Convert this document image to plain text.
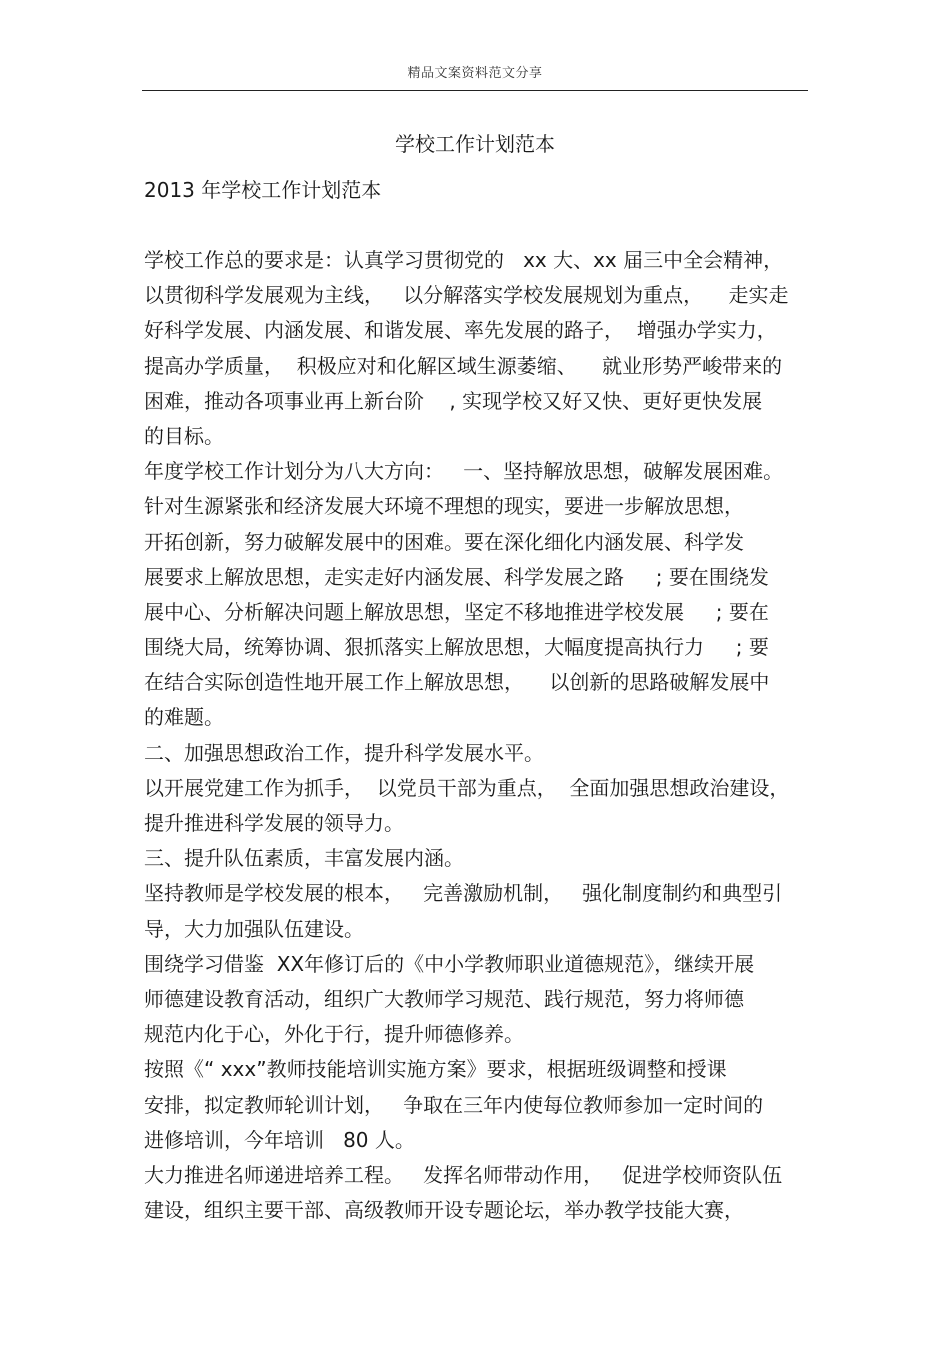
精品文案资料范文分享
学校工作计划范本
2013 年学校工作计划范本
学校工作总的要求是：认真学习贯彻党的   xx 大、xx 届三中全会精神，
以贯彻科学发展观为主线，   以分解落实学校发展规划为重点，    走实走
好科学发展、内涵发展、和谐发展、率先发展的路子，  增强办学实力，
提高办学质量，  积极应对和化解区域生源萎缩、    就业形势严峻带来的
困难，推动各项事业再上新台阶    , 实现学校又好又快、更好更快发展
的目标。
年度学校工作计划分为八大方向：   一、坚持解放思想，破解发展困难。
针对生源紧张和经济发展大环境不理想的现实，要进一步解放思想，
开拓创新，努力破解发展中的困难。要在深化细化内涵发展、科学发
展要求上解放思想，走实走好内涵发展、科学发展之路     ; 要在围绕发
展中心、分析解决问题上解放思想，坚定不移地推进学校发展     ; 要在
围绕大局，统筹协调、狠抓落实上解放思想，大幅度提高执行力     ; 要
在结合实际创造性地开展工作上解放思想，    以创新的思路破解发展中
的难题。
二、加强思想政治工作，提升科学发展水平。
以开展党建工作为抓手，  以党员干部为重点，  全面加强思想政治建设，
提升推进科学发展的领导力。
三、提升队伍素质，丰富发展内涵。
坚持教师是学校发展的根本，   完善激励机制，   强化制度制约和典型引
导，大力加强队伍建设。
围绕学习借鉴  XX年修订后的《中小学教师职业道德规范》，继续开展
师德建设教育活动，组织广大教师学习规范、践行规范，努力将师德
规范内化于心，外化于行，提升师德修养。
按照《“ xxx”教师技能培训实施方案》要求，根据班级调整和授课
安排，拟定教师轮训计划，   争取在三年内使每位教师参加一定时间的
进修培训，今年培训   80 人。
大力推进名师递进培养工程。   发挥名师带动作用，   促进学校师资队伍
建设，组织主要干部、高级教师开设专题论坛，举办教学技能大赛，
